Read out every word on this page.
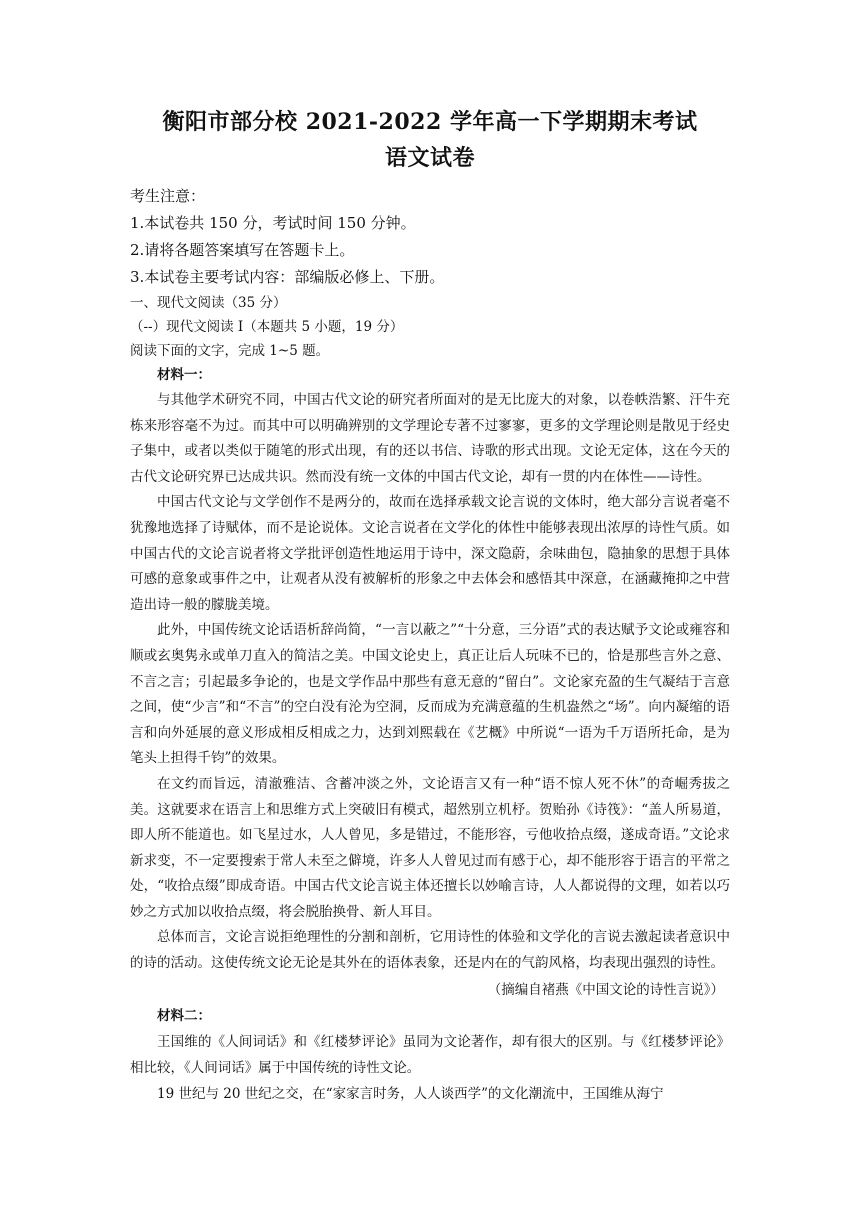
衡阳市部分校 2021-2022 学年高一下学期期末考试
语文试卷
考生注意：
1.本试卷共 150 分，考试时间 150 分钟。
2.请将各题答案填写在答题卡上。
3.本试卷主要考试内容：部编版必修上、下册。
一、现代文阅读（35 分）
（--）现代文阅读 I（本题共 5 小题，19 分）
阅读下面的文字，完成 1~5 题。
材料一：

与其他学术研究不同，中国古代文论的研究者所面对的是无比庞大的对象，以卷帙浩繁、汗牛充栋来形容毫不为过。而其中可以明确辨别的文学理论专著不过寥寥，更多的文学理论则是散见于经史子集中，或者以类似于随笔的形式出现，有的还以书信、诗歌的形式出现。文论无定体，这在今天的古代文论研究界已达成共识。然而没有统一文体的中国古代文论，却有一贯的内在体性——诗性。

中国古代文论与文学创作不是两分的，故而在选择承载文论言说的文体时，绝大部分言说者毫不犹豫地选择了诗赋体，而不是论说体。文论言说者在文学化的体性中能够表现出浓厚的诗性气质。如中国古代的文论言说者将文学批评创造性地运用于诗中，深文隐蔚，余味曲包，隐抽象的思想于具体可感的意象或事件之中，让观者从没有被解析的形象之中去体会和感悟其中深意，在涵藏掩抑之中营造出诗一般的朦胧美境。

此外，中国传统文论话语析辞尚简，“一言以蔽之”“十分意，三分语”式的表达赋予文论或雍容和顺或玄奥隽永或单刀直入的简洁之美。中国文论史上，真正让后人玩味不已的，恰是那些言外之意、不言之言；引起最多争论的，也是文学作品中那些有意无意的“留白”。文论家充盈的生气凝结于言意之间，使“少言”和“不言”的空白没有沦为空洞，反而成为充满意蕴的生机盎然之“场”。向内凝缩的语言和向外延展的意义形成相反相成之力，达到刘熙载在《艺概》中所说“一语为千万语所托命，是为笔头上担得千钧”的效果。

在文约而旨远，清澈雅洁、含蓄冲淡之外，文论语言又有一种“语不惊人死不休”的奇崛秀拔之美。这就要求在语言上和思维方式上突破旧有模式，超然别立机杼。贺贻孙《诗筏》：“盖人所易道，即人所不能道也。如飞星过水，人人曾见，多是错过，不能形容，亏他收拾点缀，遂成奇语。”文论求新求变，不一定要搜索于常人未至之僻境，许多人人曾见过而有感于心，却不能形容于语言的平常之处，“收拾点缀”即成奇语。中国古代文论言说主体还擅长以妙喻言诗，人人都说得的文理，如若以巧妙之方式加以收拾点缀，将会脱胎换骨、新人耳目。

总体而言，文论言说拒绝理性的分割和剖析，它用诗性的体验和文学化的言说去激起读者意识中的诗的活动。这使传统文论无论是其外在的语体表象，还是内在的气韵风格，均表现出强烈的诗性。

（摘编自褚燕《中国文论的诗性言说》）
材料二：

王国维的《人间词话》和《红楼梦评论》虽同为文论著作，却有很大的区别。与《红楼梦评论》相比较，《人间词话》属于中国传统的诗性文论。

19 世纪与 20 世纪之交，在“家家言时务，人人谈西学”的文化潮流中，王国维从海宁
